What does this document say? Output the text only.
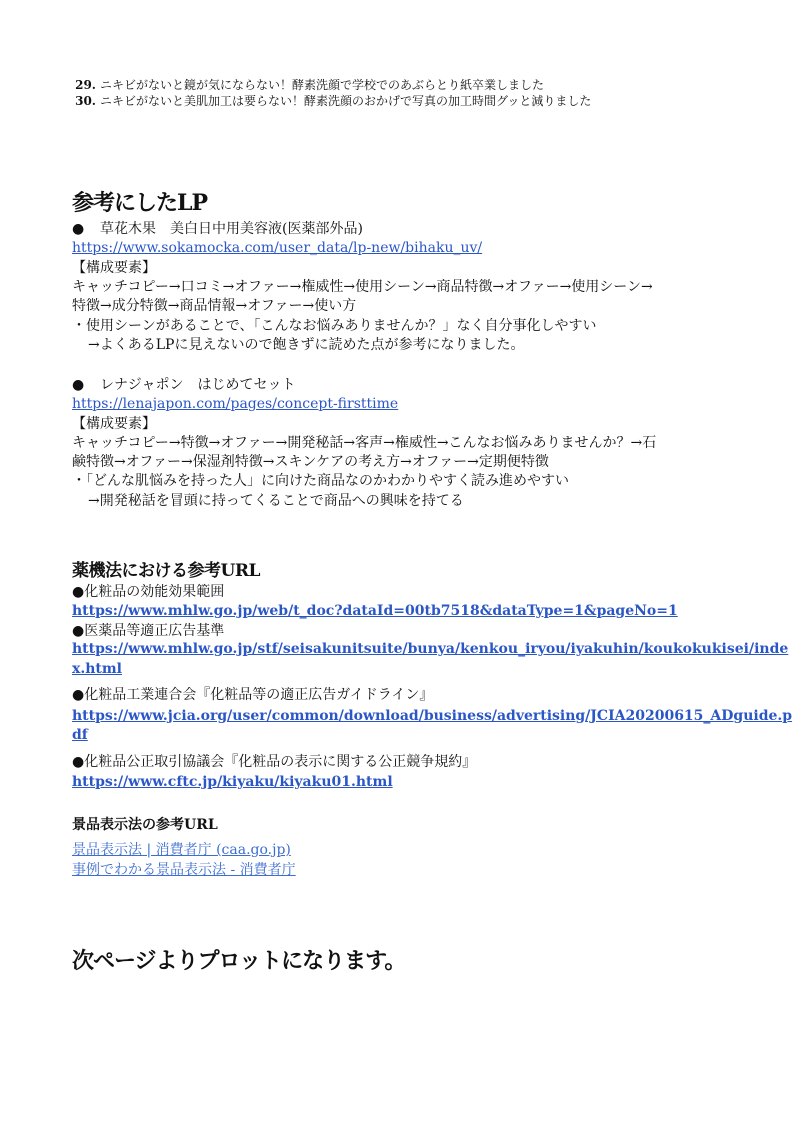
29. ニキビがないと鏡が気にならない！酵素洗顔で学校でのあぶらとり紙卒業しました

30. ニキビがないと美肌加工は要らない！酵素洗顔のおかげで写真の加工時間グッと減りました

参考にしたLP

● 草花木果　美白日中用美容液(医薬部外品)

https://www.sokamocka.com/user_data/lp-new/bihaku_uv/

【構成要素】

キャッチコピー→口コミ→オファー→権威性→使用シーン→商品特徴→オファー→使用シーン→

特徴→成分特徴→商品情報→オファー→使い方

・使用シーンがあることで、「こんなお悩みありませんか？」なく自分事化しやすい

→よくあるLPに見えないので飽きずに読めた点が参考になりました。

● レナジャポン　はじめてセット

https://lenajapon.com/pages/concept-firsttime

【構成要素】

キャッチコピー→特徴→オファー→開発秘話→客声→権威性→こんなお悩みありませんか？→石

鹸特徴→オファー→保湿剤特徴→スキンケアの考え方→オファー→定期便特徴

・「どんな肌悩みを持った人」に向けた商品なのかわかりやすく読み進めやすい

→開発秘話を冒頭に持ってくることで商品への興味を持てる

薬機法における参考URL

●化粧品の効能効果範囲

https://www.mhlw.go.jp/web/t_doc?dataId=00tb7518&dataType=1&pageNo=1

●医薬品等適正広告基準

https://www.mhlw.go.jp/stf/seisakunitsuite/bunya/kenkou_iryou/iyakuhin/koukokukisei/inde
x.html

●化粧品工業連合会『化粧品等の適正広告ガイドライン』

https://www.jcia.org/user/common/download/business/advertising/JCIA20200615_ADguide.p
df

●化粧品公正取引協議会『化粧品の表示に関する公正競争規約』

https://www.cftc.jp/kiyaku/kiyaku01.html
景品表示法の参考URL
景品表示法 | 消費者庁 (caa.go.jp)
事例でわかる景品表示法 - 消費者庁
次ページよりプロットになります。
